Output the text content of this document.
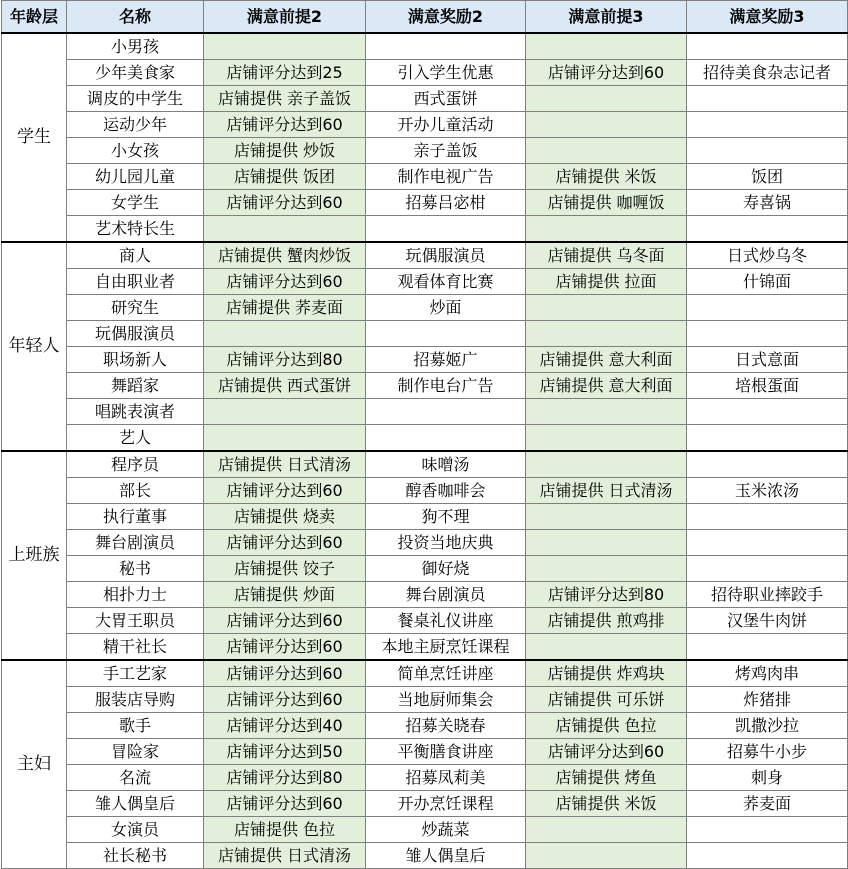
年龄层	名称	满意前提2	满意奖励2	满意前提3	满意奖励3
学生	小男孩				
	少年美食家	店铺评分达到25	引入学生优惠	店铺评分达到60	招待美食杂志记者
	调皮的中学生	店铺提供 亲子盖饭	西式蛋饼		
	运动少年	店铺评分达到60	开办儿童活动		
	小女孩	店铺提供 炒饭	亲子盖饭		
	幼儿园儿童	店铺提供 饭团	制作电视广告	店铺提供 米饭	饭团
	女学生	店铺评分达到60	招募吕宓柑	店铺提供 咖喱饭	寿喜锅
	艺术特长生				
年轻人	商人	店铺提供 蟹肉炒饭	玩偶服演员	店铺提供 乌冬面	日式炒乌冬
	自由职业者	店铺评分达到60	观看体育比赛	店铺提供 拉面	什锦面
	研究生	店铺提供 荞麦面	炒面		
	玩偶服演员				
	职场新人	店铺评分达到80	招募姬广	店铺提供 意大利面	日式意面
	舞蹈家	店铺提供 西式蛋饼	制作电台广告	店铺提供 意大利面	培根蛋面
	唱跳表演者				
	艺人				
上班族	程序员	店铺提供 日式清汤	味噌汤		
	部长	店铺评分达到60	醇香咖啡会	店铺提供 日式清汤	玉米浓汤
	执行董事	店铺提供 烧卖	狗不理		
	舞台剧演员	店铺评分达到60	投资当地庆典		
	秘书	店铺提供 饺子	御好烧		
	相扑力士	店铺提供 炒面	舞台剧演员	店铺评分达到80	招待职业摔跤手
	大胃王职员	店铺评分达到60	餐桌礼仪讲座	店铺提供 煎鸡排	汉堡牛肉饼
	精干社长	店铺评分达到60	本地主厨烹饪课程		
主妇	手工艺家	店铺评分达到60	简单烹饪讲座	店铺提供 炸鸡块	烤鸡肉串
	服装店导购	店铺评分达到60	当地厨师集会	店铺提供 可乐饼	炸猪排
	歌手	店铺评分达到40	招募关晓春	店铺提供 色拉	凯撒沙拉
	冒险家	店铺评分达到50	平衡膳食讲座	店铺评分达到60	招募牛小步
	名流	店铺评分达到80	招募凤莉美	店铺提供 烤鱼	刺身
	雏人偶皇后	店铺评分达到60	开办烹饪课程	店铺提供 米饭	荞麦面
	女演员	店铺提供 色拉	炒蔬菜		
	社长秘书	店铺提供 日式清汤	雏人偶皇后		
